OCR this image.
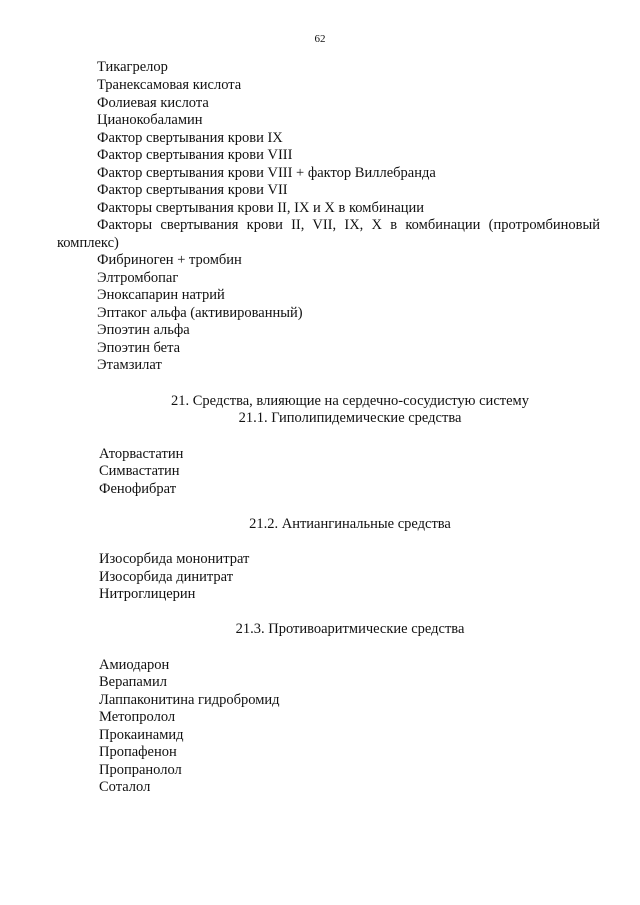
62
Тикагрелор
Транексамовая кислота
Фолиевая кислота
Цианокобаламин
Фактор свертывания крови IX
Фактор свертывания крови VIII
Фактор свертывания крови VIII + фактор Виллебранда
Фактор свертывания крови VII
Факторы свертывания крови II, IX и X в комбинации
Факторы свертывания крови II, VII, IX, X в комбинации (протромбиновый
комплекс)
Фибриноген + тромбин
Элтромбопаг
Эноксапарин натрий
Эптаког альфа (активированный)
Эпоэтин альфа
Эпоэтин бета
Этамзилат
21. Средства, влияющие на сердечно-сосудистую систему
21.1. Гиполипидемические средства
Аторвастатин
Симвастатин
Фенофибрат
21.2. Антиангинальные средства
Изосорбида мононитрат
Изосорбида динитрат
Нитроглицерин
21.3. Противоаритмические средства
Амиодарон
Верапамил
Лаппаконитина гидробромид
Метопролол
Прокаинамид
Пропафенон
Пропранолол
Соталол
